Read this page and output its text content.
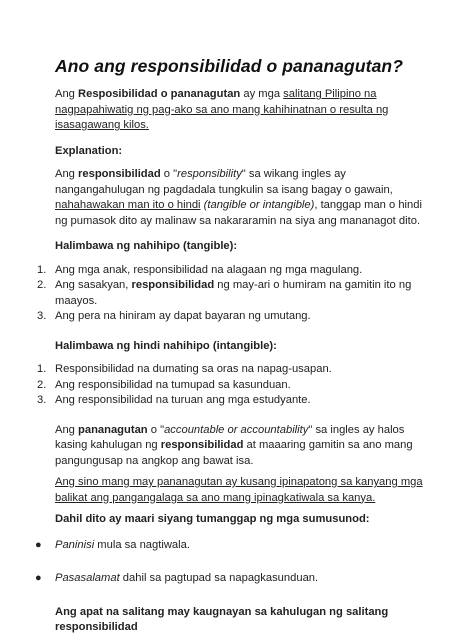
Ano ang responsibilidad o pananagutan?

Ang Resposibilidad o pananagutan ay mga salitang Pilipino na nagpapahiwatig ng pag-ako sa ano mang kahihinatnan o resulta ng isasagawang kilos.

Explanation:

Ang responsibilidad o "responsibility" sa wikang ingles ay nangangahulugan ng pagdadala tungkulin sa isang bagay o gawain, nahahawakan man ito o hindi (tangible or intangible), tanggap man o hindi ng pumasok dito ay malinaw sa nakararamin na siya ang mananagot dito.

Halimbawa ng nahihipo (tangible):

1. Ang mga anak, responsibilidad na alagaan ng mga magulang.
2. Ang sasakyan, responsibilidad ng may-ari o humiram na gamitin ito ng maayos.
3. Ang pera na hiniram ay dapat bayaran ng umutang.

Halimbawa ng hindi nahihipo (intangible):

1. Responsibilidad na dumating sa oras na napag-usapan.
2. Ang responsibilidad na tumupad sa kasunduan.
3. Ang responsibilidad na turuan ang mga estudyante.

Ang pananagutan o "accountable or accountability" sa ingles ay halos kasing kahulugan ng responsibilidad at maaaring gamitin sa ano mang pangungusap na angkop ang bawat isa.

Ang sino mang may pananagutan ay kusang ipinapatong sa kanyang mga balikat ang pangangalaga sa ano mang ipinagkatiwala sa kanya.

Dahil dito ay maari siyang tumanggap ng mga sumusunod:

● Paninisi mula sa nagtiwala.
● Pasasalamat dahil sa pagtupad sa napagkasunduan.

Ang apat na salitang may kaugnayan sa kahulugan ng salitang responsibilidad
